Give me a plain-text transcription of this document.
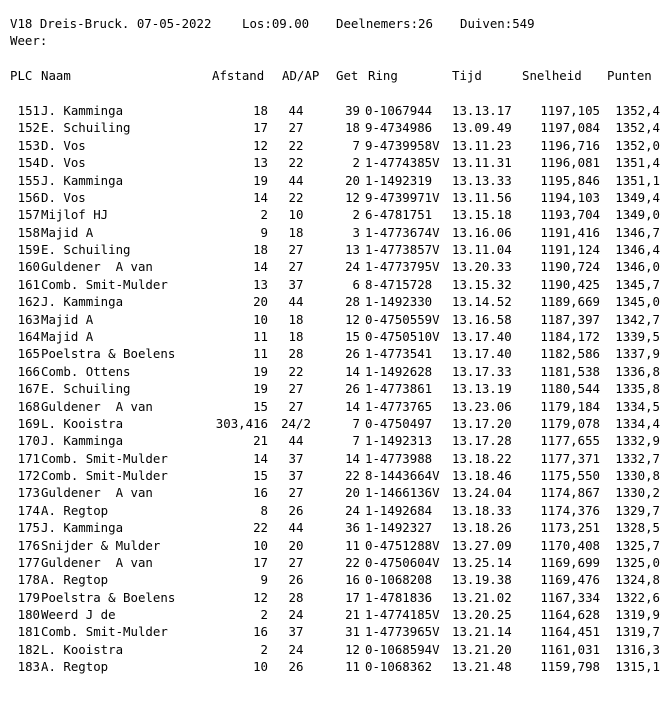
V18 Dreis-Bruck. 07-05-2022 Los:09.00 Deelnemers:26 Duiven:549
Weer:
PLC Naam	Afstand AD/AP Get Ring	Tijd	Snelheid Punten
151 J. Kamminga	18	44	39 0-1067944	13.13.17	1197,105	1352,4
152 E. Schuiling	17	27	18 9-4734986	13.09.49	1197,084	1352,4
153 D. Vos	12	22	7 9-4739958V 13.11.23	1196,716	1352,0
154 D. Vos	13	22	2 1-4774385V 13.11.31	1196,081	1351,4
155 J. Kamminga	19	44	20 1-1492319	13.13.33	1195,846	1351,1
156 D. Vos	14	22	12 9-4739971V 13.11.56	1194,103	1349,4
157 Mijlof HJ	2	10	2 6-4781751	13.15.18	1193,704	1349,0
158 Majid A	9	18	3 1-4773674V 13.16.06	1191,416	1346,7
159 E. Schuiling	18	27	13 1-4773857V 13.11.04	1191,124	1346,4
160 Guldener  A van	14	27	24 1-4773795V 13.20.33	1190,724	1346,0
161 Comb. Smit-Mulder	13	37	6 8-4715728	13.15.32	1190,425	1345,7
162 J. Kamminga	20	44	28 1-1492330	13.14.52	1189,669	1345,0
163 Majid A	10	18	12 0-4750559V 13.16.58	1187,397	1342,7
164 Majid A	11	18	15 0-4750510V 13.17.40	1184,172	1339,5
165 Poelstra & Boelens	11	28	26 1-4773541	13.17.40	1182,586	1337,9
166 Comb. Ottens	19	22	14 1-1492628	13.17.33	1181,538	1336,8
167 E. Schuiling	19	27	26 1-4773861	13.13.19	1180,544	1335,8
168 Guldener  A van	15	27	14 1-4773765	13.23.06	1179,184	1334,5
169 L. Kooistra	303,416	24/2	7 0-4750497	13.17.20	1179,078	1334,4
170 J. Kamminga	21	44	7 1-1492313	13.17.28	1177,655	1332,9
171 Comb. Smit-Mulder	14	37	14 1-4773988	13.18.22	1177,371	1332,7
172 Comb. Smit-Mulder	15	37	22 8-1443664V 13.18.46	1175,550	1330,8
173 Guldener  A van	16	27	20 1-1466136V 13.24.04	1174,867	1330,2
174 A. Regtop	8	26	24 1-1492684	13.18.33	1174,376	1329,7
175 J. Kamminga	22	44	36 1-1492327	13.18.26	1173,251	1328,5
176 Snijder & Mulder	10	20	11 0-4751288V 13.27.09	1170,408	1325,7
177 Guldener  A van	17	27	22 0-4750604V 13.25.14	1169,699	1325,0
178 A. Regtop	9	26	16 0-1068208	13.19.38	1169,476	1324,8
179 Poelstra & Boelens	12	28	17 1-4781836	13.21.02	1167,334	1322,6
180 Weerd J de	2	24	21 1-4774185V 13.20.25	1164,628	1319,9
181 Comb. Smit-Mulder	16	37	31 1-4773965V 13.21.14	1164,451	1319,7
182 L. Kooistra	2	24	12 0-1068594V 13.21.20	1161,031	1316,3
183 A. Regtop	10	26	11 0-1068362	13.21.48	1159,798	1315,1
